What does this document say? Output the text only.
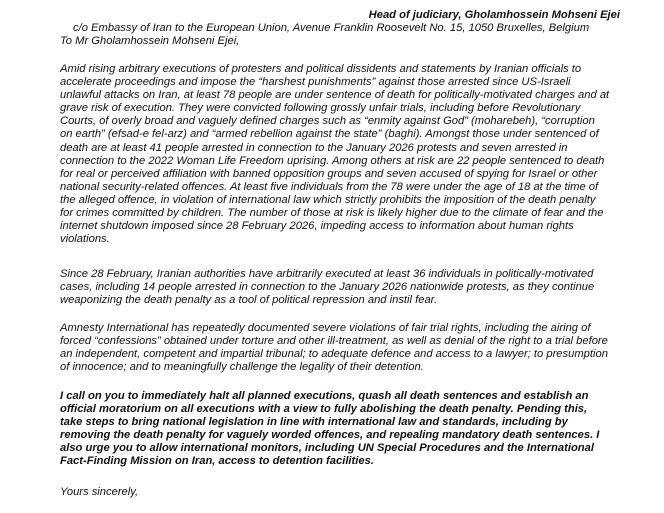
Head of judiciary, Gholamhossein Mohseni Ejei
c/o Embassy of Iran to the European Union, Avenue Franklin Roosevelt No. 15, 1050 Bruxelles, Belgium
To Mr Gholamhossein Mohseni Ejei,

Amid rising arbitrary executions of protesters and political dissidents and statements by Iranian officials to accelerate proceedings and impose the “harshest punishments” against those arrested since US-Israeli unlawful attacks on Iran, at least 78 people are under sentence of death for politically-motivated charges and at grave risk of execution. They were convicted following grossly unfair trials, including before Revolutionary Courts, of overly broad and vaguely defined charges such as “enmity against God” (moharebeh), “corruption on earth” (efsad-e fel-arz) and “armed rebellion against the state” (baghi). Amongst those under sentenced of death are at least 41 people arrested in connection to the January 2026 protests and seven arrested in connection to the 2022 Woman Life Freedom uprising. Among others at risk are 22 people sentenced to death for real or perceived affiliation with banned opposition groups and seven accused of spying for Israel or other national security-related offences. At least five individuals from the 78 were under the age of 18 at the time of the alleged offence, in violation of international law which strictly prohibits the imposition of the death penalty for crimes committed by children. The number of those at risk is likely higher due to the climate of fear and the internet shutdown imposed since 28 February 2026, impeding access to information about human rights violations.

Since 28 February, Iranian authorities have arbitrarily executed at least 36 individuals in politically-motivated cases, including 14 people arrested in connection to the January 2026 nationwide protests, as they continue weaponizing the death penalty as a tool of political repression and instil fear.

Amnesty International has repeatedly documented severe violations of fair trial rights, including the airing of forced “confessions” obtained under torture and other ill-treatment, as well as denial of the right to a trial before an independent, competent and impartial tribunal; to adequate defence and access to a lawyer; to presumption of innocence; and to meaningfully challenge the legality of their detention.

I call on you to immediately halt all planned executions, quash all death sentences and establish an official moratorium on all executions with a view to fully abolishing the death penalty. Pending this, take steps to bring national legislation in line with international law and standards, including by removing the death penalty for vaguely worded offences, and repealing mandatory death sentences. I also urge you to allow international monitors, including UN Special Procedures and the International Fact-Finding Mission on Iran, access to detention facilities.

Yours sincerely,
